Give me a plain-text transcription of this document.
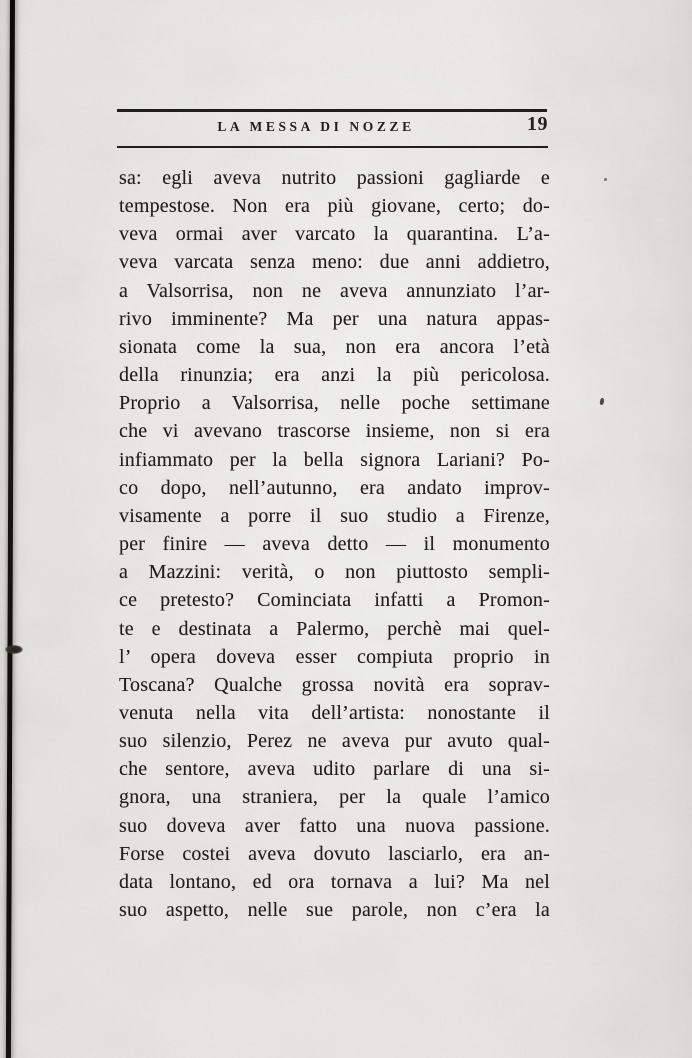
LA MESSA DI NOZZE	19
sa: egli aveva nutrito passioni gagliarde e
tempestose. Non era più giovane, certo; do-
veva ormai aver varcato la quarantina. L’a-
veva varcata senza meno: due anni addietro,
a Valsorrisa, non ne aveva annunziato l’ar-
rivo imminente? Ma per una natura appas-
sionata come la sua, non era ancora l’età
della rinunzia; era anzi la più pericolosa.
Proprio a Valsorrisa, nelle poche settimane
che vi avevano trascorse insieme, non si era
infiammato per la bella signora Lariani? Po-
co dopo, nell’autunno, era andato improv-
visamente a porre il suo studio a Firenze,
per finire — aveva detto — il monumento
a Mazzini: verità, o non piuttosto sempli-
ce pretesto? Cominciata infatti a Promon-
te e destinata a Palermo, perchè mai quel-
l’ opera doveva esser compiuta proprio in
Toscana? Qualche grossa novità era soprav-
venuta nella vita dell’artista: nonostante il
suo silenzio, Perez ne aveva pur avuto qual-
che sentore, aveva udito parlare di una si-
gnora, una straniera, per la quale l’amico
suo doveva aver fatto una nuova passione.
Forse costei aveva dovuto lasciarlo, era an-
data lontano, ed ora tornava a lui? Ma nel
suo aspetto, nelle sue parole, non c’era la
